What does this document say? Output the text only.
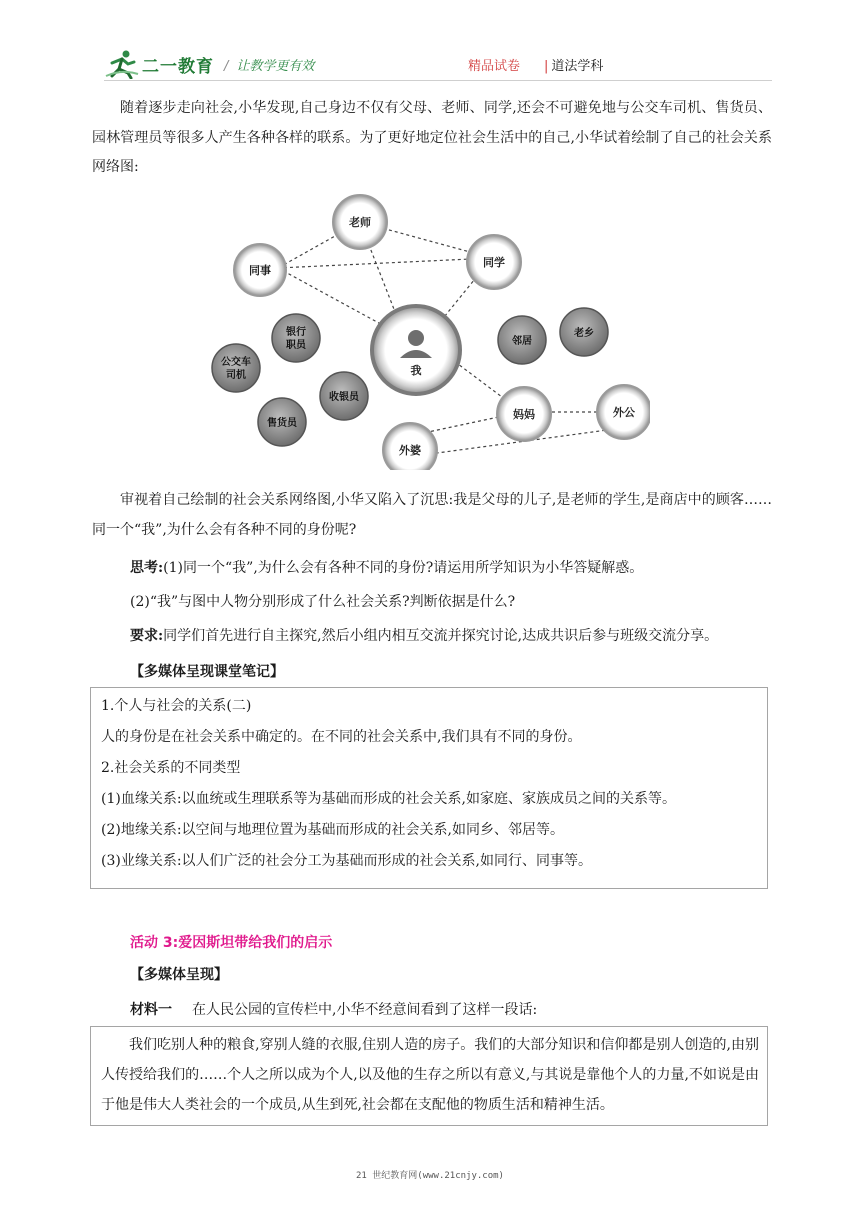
二一教育 / 让教学更有效	精品试卷 | 道法学科
随着逐步走向社会,小华发现,自己身边不仅有父母、老师、同学,还会不可避免地与公交车司机、售货员、园林管理员等很多人产生各种各样的联系。为了更好地定位社会生活中的自己,小华试着绘制了自己的社会关系网络图:
老师
同事
同学
我
银行
职员
公交车
司机
收银员
售货员
邻居
老乡
妈妈	外公
外婆
审视着自己绘制的社会关系网络图,小华又陷入了沉思:我是父母的儿子,是老师的学生,是商店中的顾客……同一个“我”,为什么会有各种不同的身份呢?
思考:(1)同一个“我”,为什么会有各种不同的身份?请运用所学知识为小华答疑解惑。
(2)“我”与图中人物分别形成了什么社会关系?判断依据是什么?
要求:同学们首先进行自主探究,然后小组内相互交流并探究讨论,达成共识后参与班级交流分享。
【多媒体呈现课堂笔记】
1.个人与社会的关系(二)
人的身份是在社会关系中确定的。在不同的社会关系中,我们具有不同的身份。
2.社会关系的不同类型
(1)血缘关系:以血统或生理联系等为基础而形成的社会关系,如家庭、家族成员之间的关系等。
(2)地缘关系:以空间与地理位置为基础而形成的社会关系,如同乡、邻居等。
(3)业缘关系:以人们广泛的社会分工为基础而形成的社会关系,如同行、同事等。
活动 3:爱因斯坦带给我们的启示
【多媒体呈现】
材料一 在人民公园的宣传栏中,小华不经意间看到了这样一段话:
我们吃别人种的粮食,穿别人缝的衣服,住别人造的房子。我们的大部分知识和信仰都是别人创造的,由别人传授给我们的……个人之所以成为个人,以及他的生存之所以有意义,与其说是靠他个人的力量,不如说是由于他是伟大人类社会的一个成员,从生到死,社会都在支配他的物质生活和精神生活。
21 世纪教育网(www.21cnjy.com)
